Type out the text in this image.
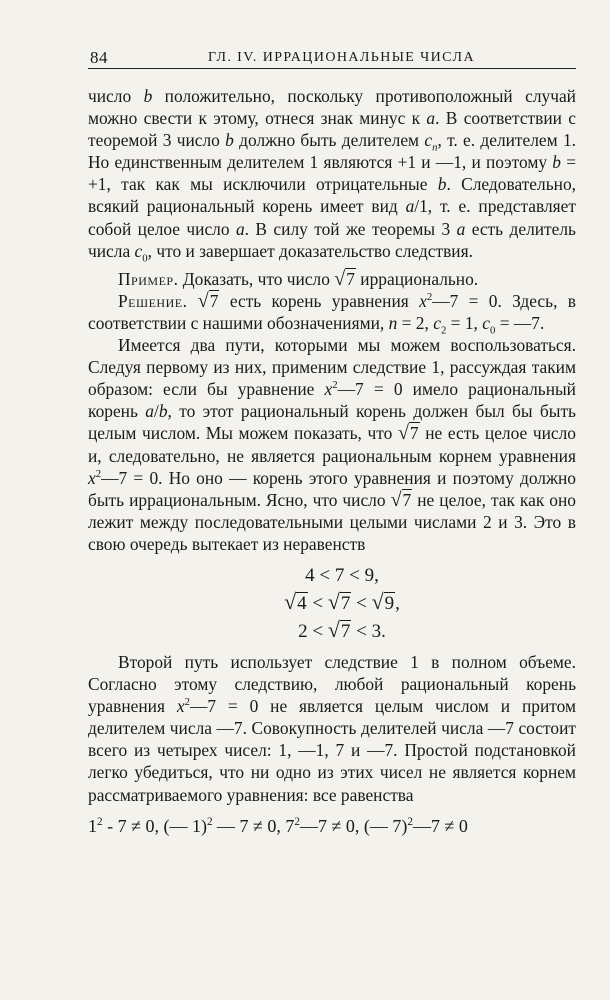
84	ГЛ. IV. ИРРАЦИОНАЛЬНЫЕ ЧИСЛА

число b положительно, поскольку противоположный случай можно свести к этому, отнеся знак минус к a. В соответствии с теоремой 3 число b должно быть делителем $c_n$, т. е. делителем 1. Но единственным делителем 1 являются +1 и —1, и поэтому b = +1, так как мы исключили отрицательные b. Следовательно, всякий рациональный корень имеет вид a/1, т. е. представляет собой целое число a. В силу той же теоремы 3 a есть делитель числа $c_0$, что и завершает доказательство следствия.

Пример. Доказать, что число √7 иррационально.

Решение. √7 есть корень уравнения $x^2—7 = 0$. Здесь, в соответствии с нашими обозначениями, n = 2, $c_2 = 1$, $c_0$ = —7.

Имеется два пути, которыми мы можем воспользоваться. Следуя первому из них, применим следствие 1, рассуждая таким образом: если бы уравнение $x^2—7 = 0$ имело рациональный корень a/b, то этот рациональный корень должен был бы быть целым числом. Мы можем показать, что √7 не есть целое число и, следовательно, не является рациональным корнем уравнения $x^2—7 = 0$. Но оно — корень этого уравнения и поэтому должно быть иррациональным. Ясно, что число √7 не целое, так как оно лежит между последовательными целыми числами 2 и 3. Это в свою очередь вытекает из неравенств

4 < 7 < 9,
√4 < √7 < √9,
2 < √7 < 3.

Второй путь использует следствие 1 в полном объеме. Согласно этому следствию, любой рациональный корень уравнения $x^2—7 = 0$ не является целым числом и притом делителем числа —7. Совокупность делителей числа —7 состоит всего из четырех чисел: 1, —1, 7 и —7. Простой подстановкой легко убедиться, что ни одно из этих чисел не является корнем рассматриваемого уравнения: все равенства

$1^2 - 7 \ne 0$, (— 1)$^2$ — 7 ≠ 0, $7^2—7 \ne 0$, (— 7)$^2$—7 ≠ 0
